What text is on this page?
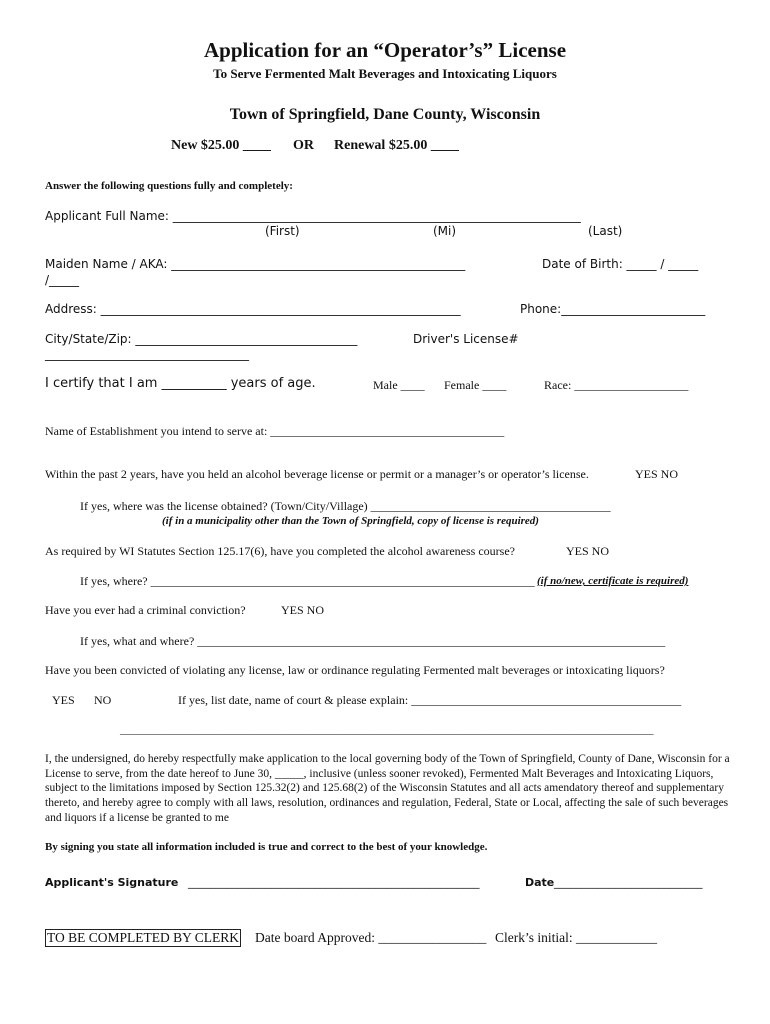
Application for an “Operator’s” License
To Serve Fermented Malt Beverages and Intoxicating Liquors
Town of Springfield, Dane County, Wisconsin
New $25.00 ____ OR Renewal $25.00 ____
Answer the following questions fully and completely:
Applicant Full Name: ____________________________________________________________________
(First)	(Mi)	(Last)
Maiden Name / AKA: _________________________________________________	Date of Birth: _____ / _____
/_____
Address: ____________________________________________________________	Phone:________________________
City/State/Zip: _____________________________________	Driver's License#
__________________________________
I certify that I am __________ years of age.	Male ____ Female ____	Race: ___________________
Name of Establishment you intend to serve at: _______________________________________
Within the past 2 years, have you held an alcohol beverage license or permit or a manager’s or operator’s license.	YES NO
If yes, where was the license obtained? (Town/City/Village) ________________________________________
(if in a municipality other than the Town of Springfield, copy of license is required)
As required by WI Statutes Section 125.17(6), have you completed the alcohol awareness course?	YES NO
If yes, where? ________________________________________________________________ (if no/new, certificate is required)
Have you ever had a criminal conviction?	YES NO
If yes, what and where? ______________________________________________________________________________
Have you been convicted of violating any license, law or ordinance regulating Fermented malt beverages or intoxicating liquors?
YES NO	If yes, list date, name of court & please explain: _____________________________________________
_________________________________________________________________________________________________
I, the undersigned, do hereby respectfully make application to the local governing body of the Town of Springfield, County of Dane, Wisconsin for a License to serve, from the date hereof to June 30, _____, inclusive (unless sooner revoked), Fermented Malt Beverages and Intoxicating Liquors, subject to the limitations imposed by Section 125.32(2) and 125.68(2) of the Wisconsin Statutes and all acts amendatory thereof and supplementary thereto, and hereby agree to comply with all laws, resolution, ordinances and regulation, Federal, State or Local, affecting the sale of such beverages and liquors if a license be granted to me
By signing you state all information included is true and correct to the best of your knowledge.
Applicant's Signature _____________________________________________________	Date ___________________________
TO BE COMPLETED BY CLERK Date board Approved: ________________ Clerk’s initial: ____________
